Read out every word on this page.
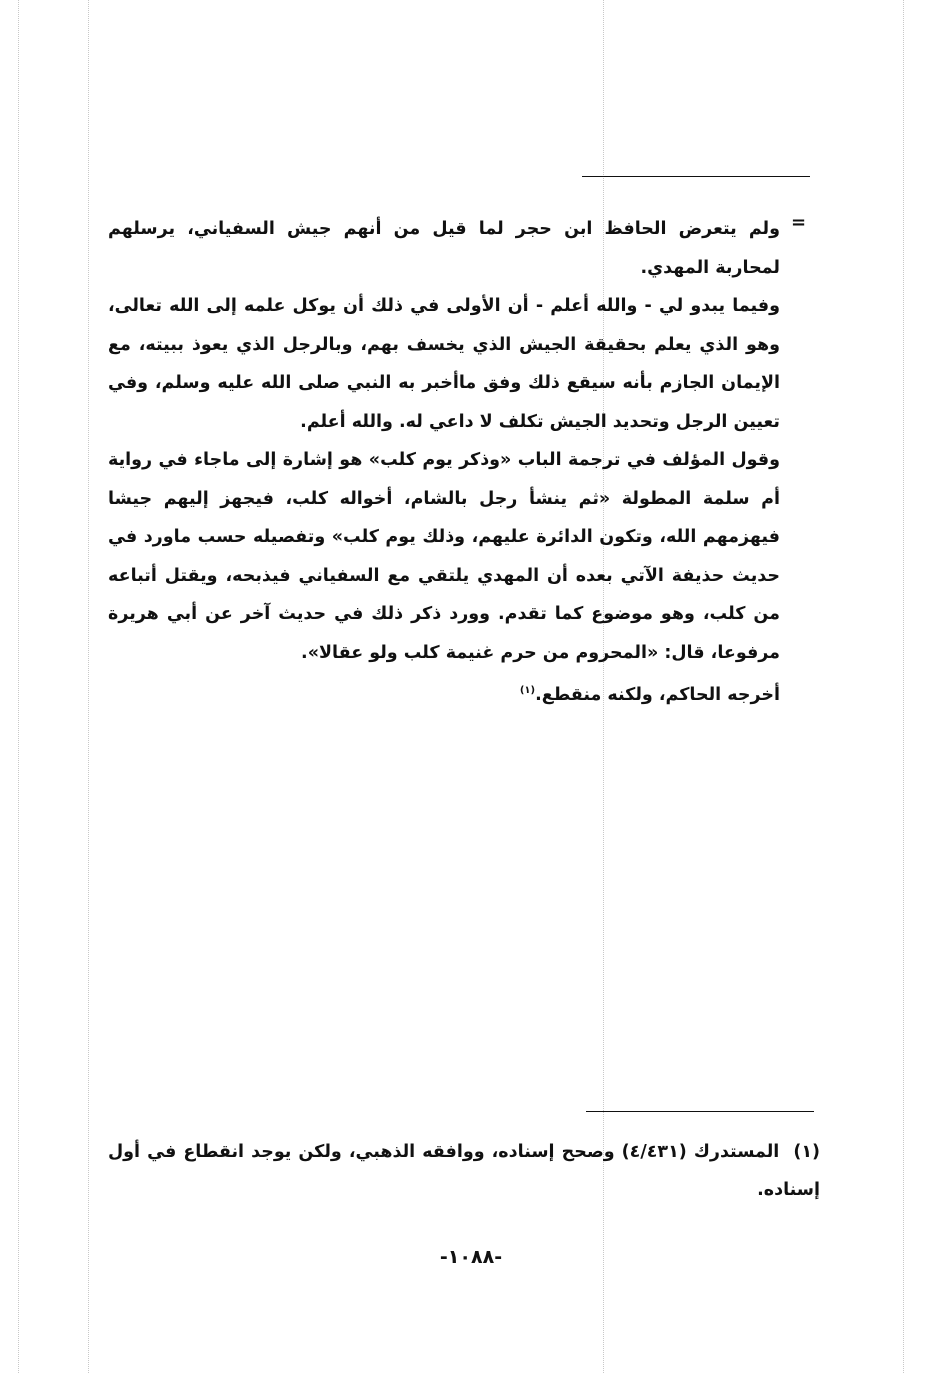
=

ولم يتعرض الحافظ ابن حجر لما قيل من أنهم جيش السفياني، يرسلهم لمحاربة المهدي.

وفيما يبدو لي - والله أعلم - أن الأولى في ذلك أن يوكل علمه إلى الله تعالى، وهو الذي يعلم بحقيقة الجيش الذي يخسف بهم، وبالرجل الذي يعوذ ببيته، مع الإيمان الجازم بأنه سيقع ذلك وفق ماأخبر به النبي صلى الله عليه وسلم، وفي تعيين الرجل وتحديد الجيش تكلف لا داعي له. والله أعلم.

وقول المؤلف في ترجمة الباب «وذكر يوم كلب» هو إشارة إلى ماجاء في رواية أم سلمة المطولة «ثم ينشأ رجل بالشام، أخواله كلب، فيجهز إليهم جيشا فيهزمهم الله، وتكون الدائرة عليهم، وذلك يوم كلب» وتفصيله حسب ماورد في حديث حذيفة الآتي بعده أن المهدي يلتقي مع السفياني فيذبحه، ويقتل أتباعه من كلب، وهو موضوع كما تقدم. وورد ذكر ذلك في حديث آخر عن أبي هريرة مرفوعا، قال: «المحروم من حرم غنيمة كلب ولو عقالا».

أخرجه الحاكم، ولكنه منقطع.$^{(١)}$

(١)المستدرك (٤/٤٣١) وصحح إسناده، ووافقه الذهبي، ولكن يوجد انقطاع في أول إسناده.
-١٠٨٨-
